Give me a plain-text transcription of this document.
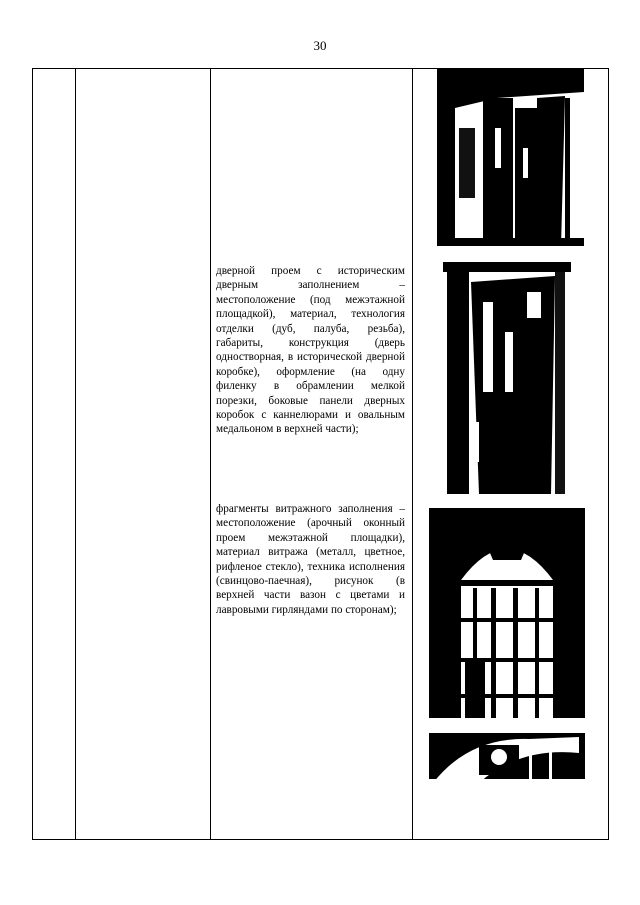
30
дверной проем с историческим дверным заполнением – местоположение (под межэтажной площадкой), материал, технология отделки (дуб, палуба, резьба), габариты, конструкция (дверь одностворная, в исторической дверной коробке), оформление (на одну филенку в обрамлении мелкой порезки, боковые панели дверных коробок с каннелюрами и овальным медальоном в верхней части);
фрагменты витражного заполнения – местоположение (арочный оконный проем межэтажной площадки), материал витража (металл, цветное, рифленое стекло), техника исполнения (свинцово-паечная), рисунок (в верхней части вазон с цветами и лавровыми гирляндами по сторонам);
